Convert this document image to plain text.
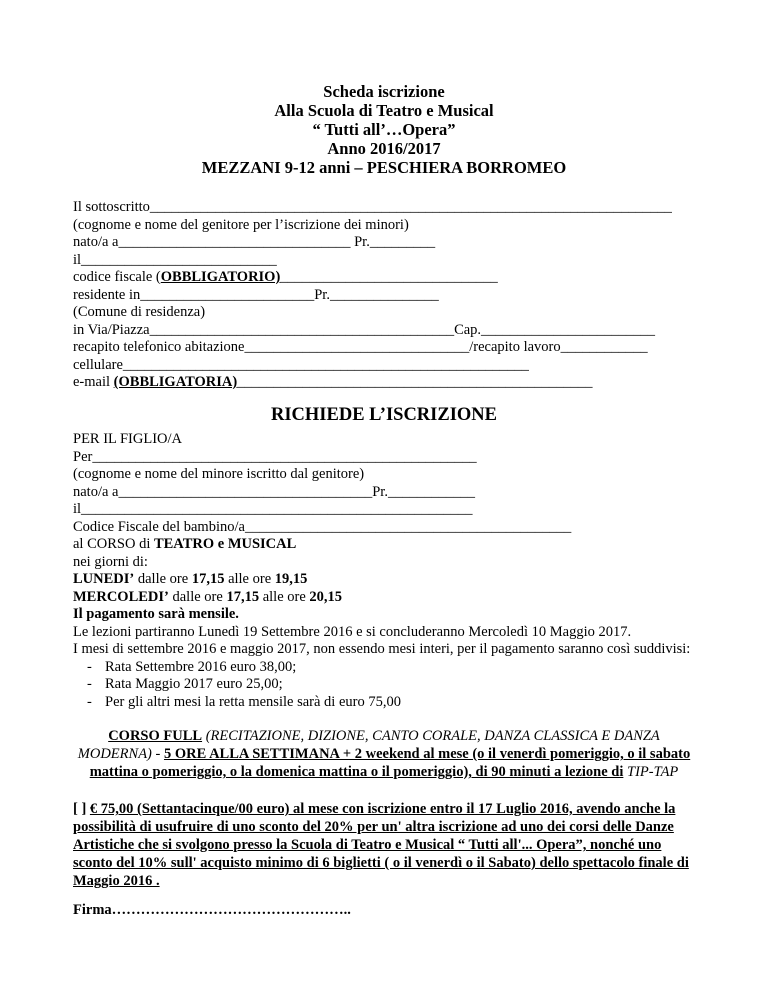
Scheda iscrizione
Alla Scuola di Teatro e Musical
“ Tutti all’…Opera”
Anno 2016/2017
MEZZANI 9-12 anni – PESCHIERA BORROMEO
Il sottoscritto________________________________________________________________________
(cognome e nome del genitore per l’iscrizione dei minori)
nato/a a________________________________ Pr._________
il___________________________
codice fiscale (OBBLIGATORIO)______________________________
residente in________________________Pr._______________
(Comune di residenza)
in Via/Piazza__________________________________________Cap.________________________
recapito telefonico abitazione_______________________________/recapito lavoro____________
cellulare________________________________________________________
e-mail (OBBLIGATORIA)_________________________________________________
RICHIEDE L’ISCRIZIONE
PER IL FIGLIO/A
Per_____________________________________________________
(cognome e nome del minore iscritto dal genitore)
nato/a a___________________________________Pr.____________
il______________________________________________________
Codice Fiscale del bambino/a_____________________________________________
al CORSO di TEATRO e MUSICAL
nei giorni di:
LUNEDI’ dalle ore 17,15 alle ore 19,15
MERCOLEDI’ dalle ore 17,15 alle ore 20,15
Il pagamento sarà mensile.
Le lezioni partiranno Lunedì 19 Settembre 2016 e si concluderanno Mercoledì 10 Maggio 2017.
I mesi di settembre 2016 e maggio 2017, non essendo mesi interi, per il pagamento saranno così suddivisi:
- Rata Settembre 2016 euro 38,00;
- Rata Maggio 2017 euro 25,00;
- Per gli altri mesi la retta mensile sarà di euro 75,00
CORSO FULL (RECITAZIONE, DIZIONE, CANTO CORALE, DANZA CLASSICA E DANZA MODERNA) - 5 ORE ALLA SETTIMANA + 2 weekend al mese (o il venerdì pomeriggio, o il sabato mattina o pomeriggio, o la domenica mattina o il pomeriggio), di 90 minuti a lezione di TIP-TAP
[ ] € 75,00 (Settantacinque/00 euro) al mese con iscrizione entro il 17 Luglio 2016, avendo anche la possibilità di usufruire di uno sconto del 20% per un' altra iscrizione ad uno dei corsi delle Danze Artistiche che si svolgono presso la Scuola di Teatro e Musical “ Tutti all'... Opera”, nonché uno sconto del 10% sull' acquisto minimo di 6 biglietti ( o il venerdì o il Sabato) dello spettacolo finale di Maggio 2016 .
Firma…………………………………………..
